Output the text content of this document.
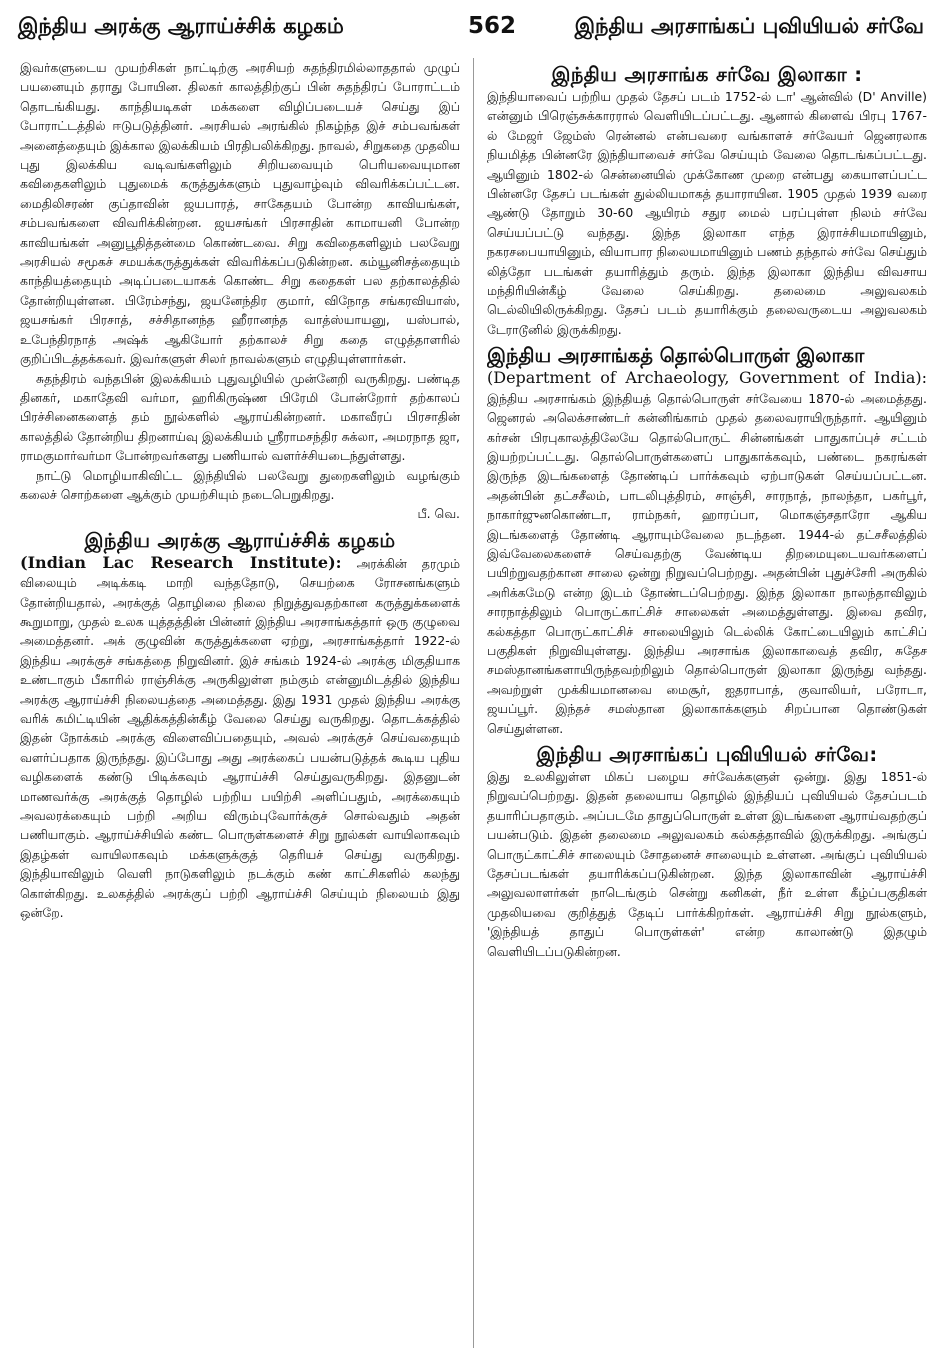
இந்திய அரக்கு ஆராய்ச்சிக் கழகம்	562	இந்திய அரசாங்கப் புவியியல் சர்வே

இவர்களுடைய முயற்சிகள் நாட்டிற்கு அரசியற் சுதந்திரமில்லாததால் முழுப் பயனையும் தராது போயின. திலகர் காலத்திற்குப் பின் சுதந்திரப் போராட்டம் தொடங்கியது. காந்தியடிகள் மக்களை விழிப்படையச் செய்து இப் போராட்டத்தில் ஈடுபடுத்தினர். அரசியல் அரங்கில் நிகழ்ந்த இச் சம்பவங்கள் அனைத்தையும் இக்கால இலக்கியம் பிரதிபலிக்கிறது. நாவல், சிறுகதை முதலிய புது இலக்கிய வடிவங்களிலும் சிறியவையும் பெரியவையுமான கவிதைகளிலும் புதுமைக் கருத்துக்களும் புதுவாழ்வும் விவரிக்கப்பட்டன. மைதிலிசரண் குப்தாவின் ஜயபாரத், சாகேதயம் போன்ற காவியங்கள், சம்பவங்களை விவரிக்கின்றன. ஜயசங்கர் பிரசாதின் காமாயனி போன்ற காவியங்கள் அனுபூதித்தன்மை கொண்டவை. சிறு கவிதைகளிலும் பலவேறு அரசியல் சமூகச் சமயக்கருத்துக்கள் விவரிக்கப்படுகின்றன. கம்யூனிசத்தையும் காந்தியத்தையும் அடிப்படையாகக் கொண்ட சிறு கதைகள் பல தற்காலத்தில் தோன்றியுள்ளன. பிரேம்சந்து, ஜயனேந்திர குமார், விநோத சங்கரவியாஸ், ஜயசங்கர் பிரசாத், சச்சிதானந்த ஹீரானந்த வாத்ஸ்யாயனு, யஸ்பால், உபேந்திரநாத் அஷ்க் ஆகியோர் தற்காலச் சிறு கதை எழுத்தாளரில் குறிப்பிடத்தக்கவர். இவர்களுள் சிலர் நாவல்களும் எழுதியுள்ளார்கள்.

சுதந்திரம் வந்தபின் இலக்கியம் புதுவழியில் முன்னேறி வருகிறது. பண்டித தினகர், மகாதேவி வர்மா, ஹரிகிருஷ்ண பிரேமி போன்றோர் தற்காலப் பிரச்சினைகளைத் தம் நூல்களில் ஆராய்கின்றனர். மகாவீரப் பிரசாதின் காலத்தில் தோன்றிய திறனாய்வு இலக்கியம் ஸ்ரீராமசந்திர சுக்லா, அமரநாத ஜா, ராமகுமார்வர்மா போன்றவர்களது பணியால் வளர்ச்சியடைந்துள்ளது.

நாட்டு மொழியாகிவிட்ட இந்தியில் பலவேறு துறைகளிலும் வழங்கும் கலைச் சொற்களை ஆக்கும் முயற்சியும் நடைபெறுகிறது.

பீ. வெ.

இந்திய அரக்கு ஆராய்ச்சிக் கழகம்

(Indian Lac Research Institute): அரக்கின் தரமும் விலையும் அடிக்கடி மாறி வந்ததோடு, செயற்கை ரோசனங்களும் தோன்றியதால், அரக்குத் தொழிலை நிலை நிறுத்துவதற்கான கருத்துக்களைக் கூறுமாறு, முதல் உலக யுத்தத்தின் பின்னர் இந்திய அரசாங்கத்தார் ஒரு குழுவை அமைத்தனர். அக் குழுவின் கருத்துக்களை ஏற்று, அரசாங்கத்தார் 1922-ல் இந்திய அரக்குச் சங்கத்தை நிறுவினர். இச் சங்கம் 1924-ல் அரக்கு மிகுதியாக உண்டாகும் பீகாரில் ராஞ்சிக்கு அருகிலுள்ள நம்கும் என்னுமிடத்தில் இந்திய அரக்கு ஆராய்ச்சி நிலையத்தை அமைத்தது. இது 1931 முதல் இந்திய அரக்கு வரிக் கமிட்டியின் ஆதிக்கத்தின்கீழ் வேலை செய்து வருகிறது. தொடக்கத்தில் இதன் நோக்கம் அரக்கு விளைவிப்பதையும், அவல் அரக்குச் செய்வதையும் வளர்ப்பதாக இருந்தது. இப்போது அது அரக்கைப் பயன்படுத்தக் கூடிய புதிய வழிகளைக் கண்டு பிடிக்கவும் ஆராய்ச்சி செய்துவருகிறது. இதனுடன் மாணவர்க்கு அரக்குத் தொழில் பற்றிய பயிற்சி அளிப்பதும், அரக்கையும் அவலரக்கையும் பற்றி அறிய விரும்புவோர்க்குச் சொல்வதும் அதன் பணியாகும். ஆராய்ச்சியில் கண்ட பொருள்களைச் சிறு நூல்கள் வாயிலாகவும் இதழ்கள் வாயிலாகவும் மக்களுக்குத் தெரியச் செய்து வருகிறது. இந்தியாவிலும் வெளி நாடுகளிலும் நடக்கும் கண் காட்சிகளில் கலந்து கொள்கிறது. உலகத்தில் அரக்குப் பற்றி ஆராய்ச்சி செய்யும் நிலையம் இது ஒன்றே.

இந்திய அரசாங்க சர்வே இலாகா :

இந்தியாவைப் பற்றிய முதல் தேசப் படம் 1752-ல் டா' ஆன்வில் (D' Anville) என்னும் பிரெஞ்சுக்காரரால் வெளியிடப்பட்டது. ஆனால் கிளைவ் பிரபு 1767-ல் மேஜர் ஜேம்ஸ் ரென்னல் என்பவரை வங்காளச் சர்வேயர் ஜெனரலாக நியமித்த பின்னரே இந்தியாவைச் சர்வே செய்யும் வேலை தொடங்கப்பட்டது. ஆயினும் 1802-ல் சென்னையில் முக்கோண முறை என்பது கையாளப்பட்ட பின்னரே தேசப் படங்கள் துல்லியமாகத் தயாராயின. 1905 முதல் 1939 வரை ஆண்டு தோறும் 30-60 ஆயிரம் சதுர மைல் பரப்புள்ள நிலம் சர்வே செய்யப்பட்டு வந்தது. இந்த இலாகா எந்த இராச்சியமாயினும், நகரசபையாயினும், வியாபார நிலையமாயினும் பணம் தந்தால் சர்வே செய்தும் லித்தோ படங்கள் தயாரித்தும் தரும். இந்த இலாகா இந்திய விவசாய மந்திரியின்கீழ் வேலை செய்கிறது. தலைமை அலுவலகம் டெல்லியிலிருக்கிறது. தேசப் படம் தயாரிக்கும் தலைவருடைய அலுவலகம் டேராடூனில் இருக்கிறது.

இந்திய அரசாங்கத் தொல்பொருள் இலாகா

(Department of Archaeology, Government of India): இந்திய அரசாங்கம் இந்தியத் தொல்பொருள் சர்வேயை 1870-ல் அமைத்தது. ஜெனரல் அலெக்சாண்டர் கன்னிங்காம் முதல் தலைவராயிருந்தார். ஆயினும் கர்சன் பிரபுகாலத்திலேயே தொல்பொருட் சின்னங்கள் பாதுகாப்புச் சட்டம் இயற்றப்பட்டது. தொல்பொருள்களைப் பாதுகாக்கவும், பண்டை நகரங்கள் இருந்த இடங்களைத் தோண்டிப் பார்க்கவும் ஏற்பாடுகள் செய்யப்பட்டன. அதன்பின் தட்சசீலம், பாடலிபுத்திரம், சாஞ்சி, சாரநாத், நாலந்தா, பகர்பூர், நாகார்ஜுனகொண்டா, ராம்நகர், ஹாரப்பா, மொகஞ்சதாரோ ஆகிய இடங்களைத் தோண்டி ஆராயும்வேலை நடந்தன. 1944-ல் தட்சசீலத்தில் இவ்வேலைகளைச் செய்வதற்கு வேண்டிய திறமையுடையவர்களைப் பயிற்றுவதற்கான சாலை ஒன்று நிறுவப்பெற்றது. அதன்பின் புதுச்சேரி அருகில் அரிக்கமேடு என்ற இடம் தோண்டப்பெற்றது. இந்த இலாகா நாலந்தாவிலும் சாரநாத்திலும் பொருட்காட்சிச் சாலைகள் அமைத்துள்ளது. இவை தவிர, கல்கத்தா பொருட்காட்சிச் சாலையிலும் டெல்லிக் கோட்டையிலும் காட்சிப் பகுதிகள் நிறுவியுள்ளது. இந்திய அரசாங்க இலாகாவைத் தவிர, சுதேச சமஸ்தானங்களாயிருந்தவற்றிலும் தொல்பொருள் இலாகா இருந்து வந்தது. அவற்றுள் முக்கியமானவை மைசூர், ஐதராபாத், குவாலியர், பரோடா, ஜயப்பூர். இந்தச் சமஸ்தான இலாகாக்களும் சிறப்பான தொண்டுகள் செய்துள்ளன.

இந்திய அரசாங்கப் புவியியல் சர்வே:

இது உலகிலுள்ள மிகப் பழைய சர்வேக்களுள் ஒன்று. இது 1851-ல் நிறுவப்பெற்றது. இதன் தலையாய தொழில் இந்தியப் புவியியல் தேசப்படம் தயாரிப்பதாகும். அப்படமே தாதுப்பொருள் உள்ள இடங்களை ஆராய்வதற்குப் பயன்படும். இதன் தலைமை அலுவலகம் கல்கத்தாவில் இருக்கிறது. அங்குப் பொருட்காட்சிச் சாலையும் சோதனைச் சாலையும் உள்ளன. அங்குப் புவியியல் தேசப்படங்கள் தயாரிக்கப்படுகின்றன. இந்த இலாகாவின் ஆராய்ச்சி அலுவலாளர்கள் நாடெங்கும் சென்று கனிகள், நீர் உள்ள கீழ்ப்பகுதிகள் முதலியவை குறித்துத் தேடிப் பார்க்கிறர்கள். ஆராய்ச்சி சிறு நூல்களும், 'இந்தியத் தாதுப் பொருள்கள்' என்ற காலாண்டு இதழும் வெளியிடப்படுகின்றன.
